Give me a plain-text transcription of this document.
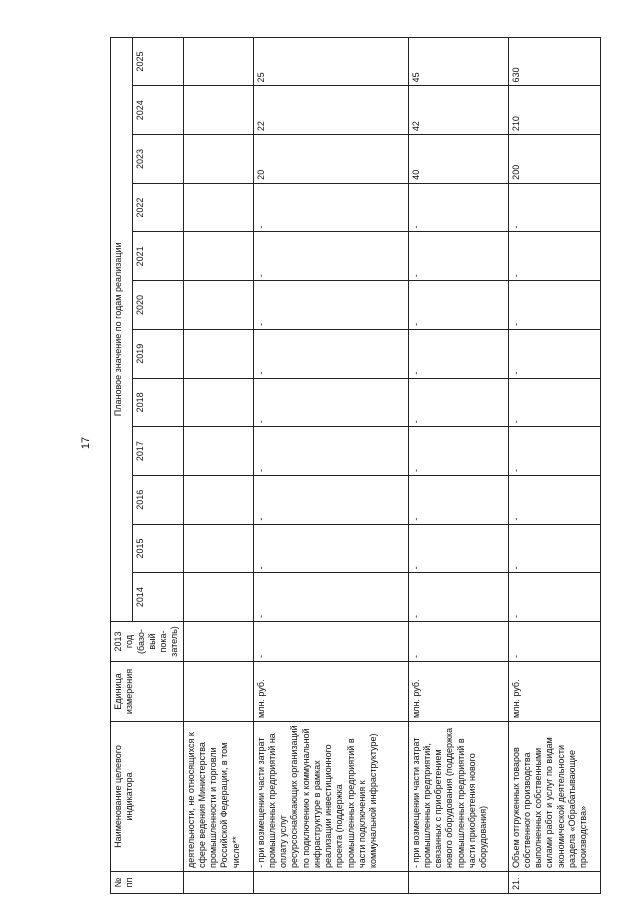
17
№
пп	Наименование целевого индикатора	Единица измерения	2013 год (базо-вый пока-затель)	Плановое значение по годам реализации											
				2014	2015	2016	2017	2018	2019	2020	2021	2022	2023	2024	2025
	деятельности, не относящихся к сфере ведения Министерства промышленности и торговли Российской Федерации, в том числе**														
	- при возмещении части затрат промышленных предприятий на оплату услуг ресурсоснабжающих организаций по подключению к коммунальной инфраструктуре в рамках реализации инвестиционного проекта (поддержка промышленных предприятий в части подключения к коммунальной инфраструктуре)	млн. руб.	-	-	-	-	-	-	-	-	-	-	20	22	25
	- при возмещении части затрат промышленных предприятий, связанных с приобретением нового оборудования (поддержка промышленных предприятий в части приобретения нового оборудования)	млн. руб.	-	-	-	-	-	-	-	-	-	-	40	42	45
21.	Объем отгруженных товаров собственного производства выполненных собственными силами работ и услуг по видам экономической деятельности раздела «Обрабатывающие производства»	млн. руб.	-	-	-	-	-	-	-	-	-	-	200	210	630
